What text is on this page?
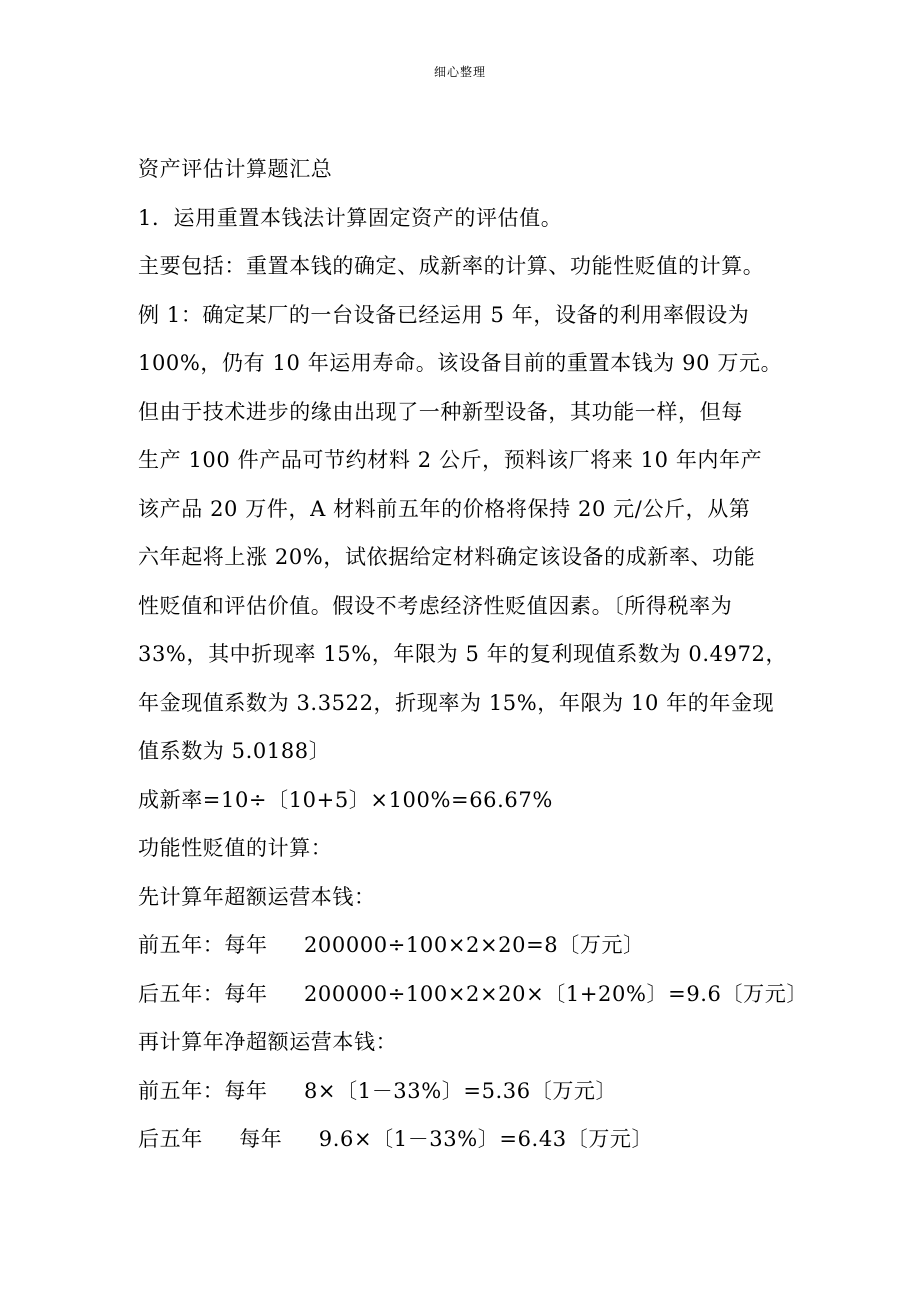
细心整理
资产评估计算题汇总
1．运用重置本钱法计算固定资产的评估值。
主要包括：重置本钱的确定、成新率的计算、功能性贬值的计算。
例 1：确定某厂的一台设备已经运用 5 年，设备的利用率假设为
100%，仍有 10 年运用寿命。该设备目前的重置本钱为 90 万元。
但由于技术进步的缘由出现了一种新型设备，其功能一样，但每
生产 100 件产品可节约材料 2 公斤，预料该厂将来 10 年内年产
该产品 20 万件，A 材料前五年的价格将保持 20 元/公斤，从第
六年起将上涨 20%，试依据给定材料确定该设备的成新率、功能
性贬值和评估价值。假设不考虑经济性贬值因素。〔所得税率为
33%，其中折现率 15%，年限为 5 年的复利现值系数为 0.4972，
年金现值系数为 3.3522，折现率为 15%，年限为 10 年的年金现
值系数为 5.0188〕
成新率=10÷〔10+5〕×100%=66.67%
功能性贬值的计算：
先计算年超额运营本钱：
前五年：每年     200000÷100×2×20=8〔万元〕
后五年：每年     200000÷100×2×20×〔1+20%〕=9.6〔万元〕
再计算年净超额运营本钱：
前五年：每年     8×〔1－33%〕=5.36〔万元〕
后五年     每年     9.6×〔1－33%〕=6.43〔万元〕
